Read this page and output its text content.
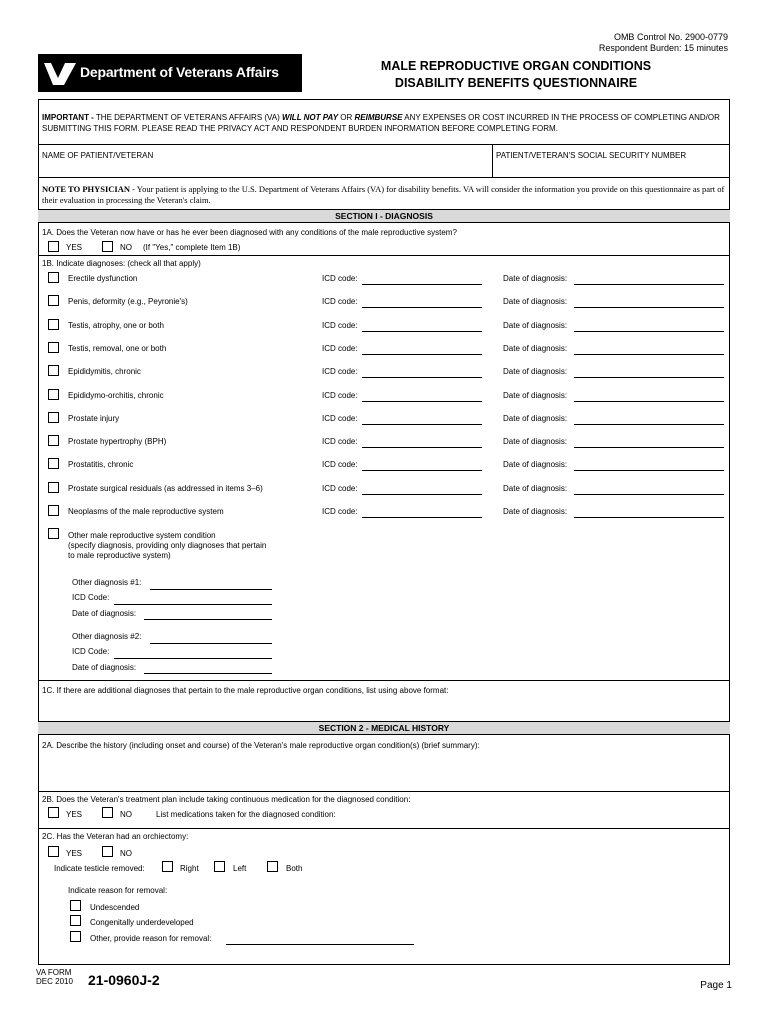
OMB Control No. 2900-0779
Respondent Burden: 15 minutes
Department of Veterans Affairs	MALE REPRODUCTIVE ORGAN CONDITIONS
DISABILITY BENEFITS QUESTIONNAIRE
IMPORTANT - THE DEPARTMENT OF VETERANS AFFAIRS (VA) WILL NOT PAY OR REIMBURSE ANY EXPENSES OR COST INCURRED IN THE PROCESS OF COMPLETING AND/OR SUBMITTING THIS FORM. PLEASE READ THE PRIVACY ACT AND RESPONDENT BURDEN INFORMATION BEFORE COMPLETING FORM.
NAME OF PATIENT/VETERAN	PATIENT/VETERAN'S SOCIAL SECURITY NUMBER
NOTE TO PHYSICIAN - Your patient is applying to the U.S. Department of Veterans Affairs (VA) for disability benefits. VA will consider the information you provide on this questionnaire as part of their evaluation in processing the Veteran's claim.
SECTION I - DIAGNOSIS
1A. Does the Veteran now have or has he ever been diagnosed with any conditions of the male reproductive system?
YES	NO (If "Yes," complete Item 1B)
1B. Indicate diagnoses: (check all that apply)
Erectile dysfunction	ICD code:	Date of diagnosis:
Penis, deformity (e.g., Peyronie's)	ICD code:	Date of diagnosis:
Testis, atrophy, one or both	ICD code:	Date of diagnosis:
Testis, removal, one or both	ICD code:	Date of diagnosis:
Epididymitis, chronic	ICD code:	Date of diagnosis:
Epididymo-orchitis, chronic	ICD code:	Date of diagnosis:
Prostate injury	ICD code:	Date of diagnosis:
Prostate hypertrophy (BPH)	ICD code:	Date of diagnosis:
Prostatitis, chronic	ICD code:	Date of diagnosis:
Prostate surgical residuals (as addressed in items 3–6)	ICD code:	Date of diagnosis:
Neoplasms of the male reproductive system	ICD code:	Date of diagnosis:
Other male reproductive system condition
(specify diagnosis, providing only diagnoses that pertain
to male reproductive system)
Other diagnosis #1:
ICD Code:
Date of diagnosis:
Other diagnosis #2:
ICD Code:
Date of diagnosis:
1C. If there are additional diagnoses that pertain to the male reproductive organ conditions, list using above format:
SECTION 2 - MEDICAL HISTORY
2A. Describe the history (including onset and course) of the Veteran's male reproductive organ condition(s) (brief summary):
2B. Does the Veteran's treatment plan include taking continuous medication for the diagnosed condition:
YES	NO	List medications taken for the diagnosed condition:
2C. Has the Veteran had an orchiectomy:
YES	NO
Indicate testicle removed:	Right	Left	Both
Indicate reason for removal:
Undescended
Congenitally underdeveloped
Other, provide reason for removal:
VA FORM
DEC 2010 21-0960J-2	Page 1
